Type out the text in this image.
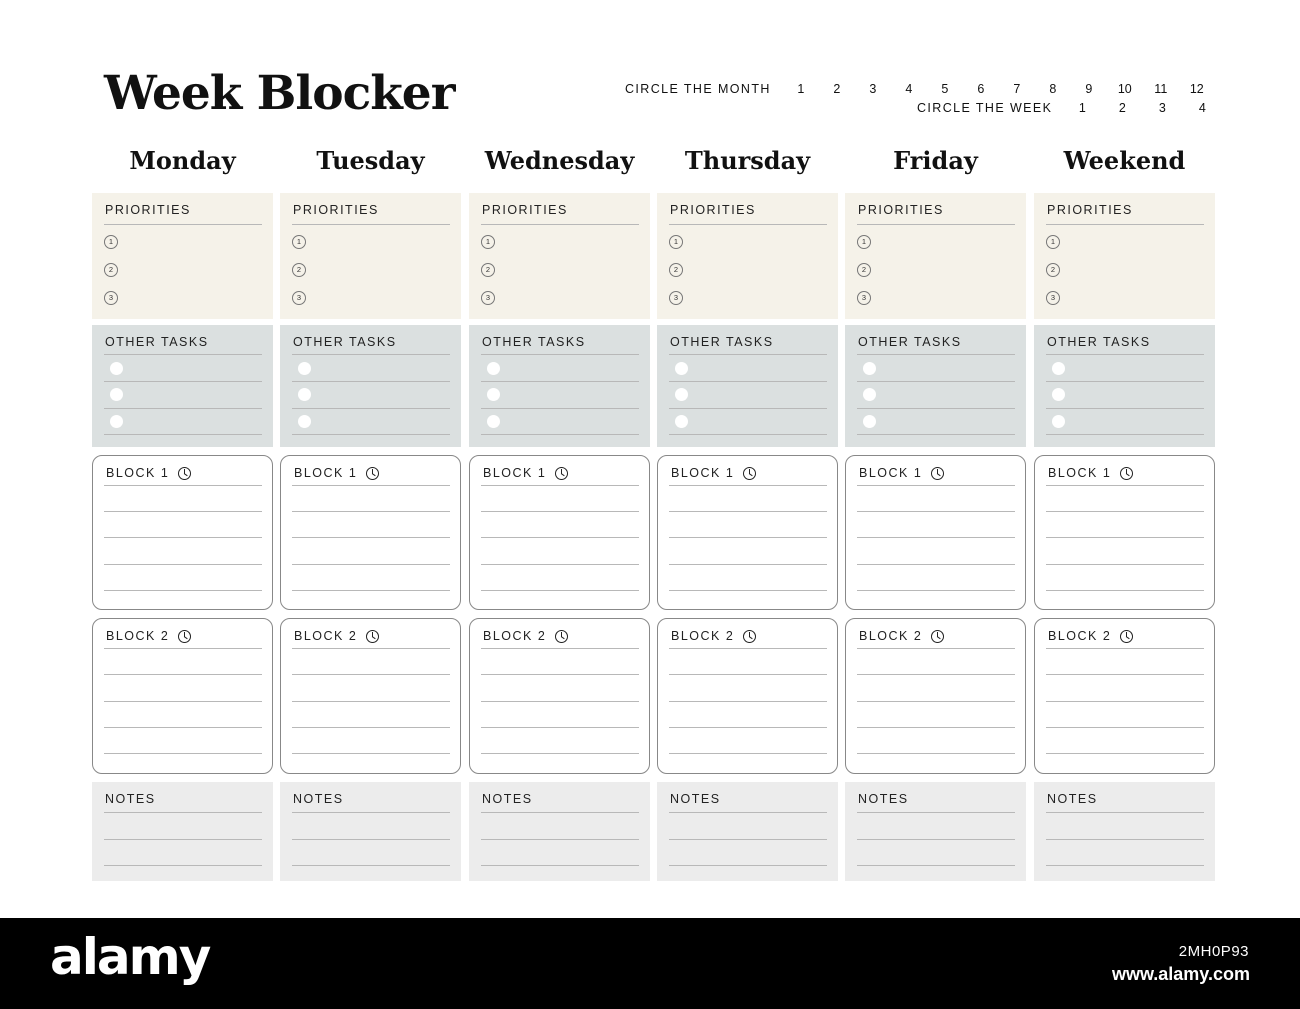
Week Blocker	CIRCLE THE MONTH	1	2	3	4	5	6	7	8	9	10	11	12
CIRCLE THE WEEK	1	2	3	4
Monday
PRIORITIES
1
2
3
OTHER TASKS
BLOCK 1
BLOCK 2
NOTES
Tuesday
PRIORITIES
1
2
3
OTHER TASKS
BLOCK 1
BLOCK 2
NOTES
Wednesday
PRIORITIES
1
2
3
OTHER TASKS
BLOCK 1
BLOCK 2
NOTES
Thursday
PRIORITIES
1
2
3
OTHER TASKS
BLOCK 1
BLOCK 2
NOTES
Friday
PRIORITIES
1
2
3
OTHER TASKS
BLOCK 1
BLOCK 2
NOTES
Weekend
PRIORITIES
1
2
3
OTHER TASKS
BLOCK 1
BLOCK 2
NOTES
alamy	2MH0P93
www.alamy.com
